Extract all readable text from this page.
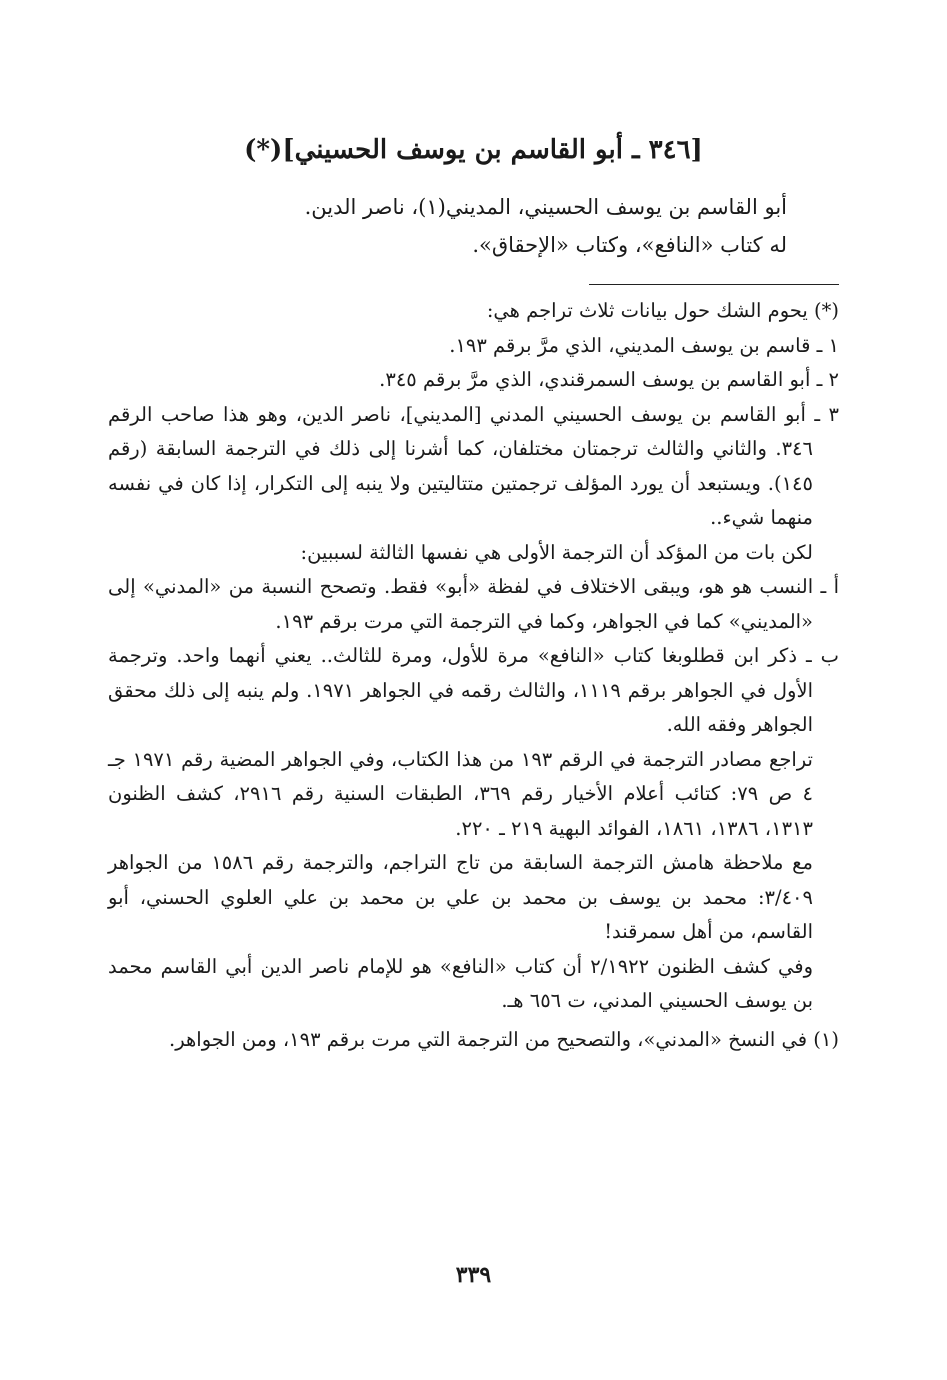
[٣٤٦ ـ أبو القاسم بن يوسف الحسيني](*)

أبو القاسم بن يوسف الحسيني، المديني(١)، ناصر الدين.

له كتاب «النافع»، وكتاب «الإحقاق».

(*) يحوم الشك حول بيانات ثلاث تراجم هي:

١ ـ قاسم بن يوسف المديني، الذي مرَّ برقم ١٩٣.

٢ ـ أبو القاسم بن يوسف السمرقندي، الذي مرَّ برقم ٣٤٥.

٣ ـ أبو القاسم بن يوسف الحسيني المدني [المديني]، ناصر الدين، وهو هذا صاحب الرقم ٣٤٦. والثاني والثالث ترجمتان مختلفان، كما أشرنا إلى ذلك في الترجمة السابقة (رقم ١٤٥). ويستبعد أن يورد المؤلف ترجمتين متتاليتين ولا ينبه إلى التكرار، إذا كان في نفسه منهما شيء..

لكن بات من المؤكد أن الترجمة الأولى هي نفسها الثالثة لسببين:

أ ـ النسب هو هو، ويبقى الاختلاف في لفظة «أبو» فقط. وتصحح النسبة من «المدني» إلى «المديني» كما في الجواهر، وكما في الترجمة التي مرت برقم ١٩٣.

ب ـ ذكر ابن قطلوبغا كتاب «النافع» مرة للأول، ومرة للثالث.. يعني أنهما واحد. وترجمة الأول في الجواهر برقم ١١١٩، والثالث رقمه في الجواهر ١٩٧١. ولم ينبه إلى ذلك محقق الجواهر وفقه الله.

تراجع مصادر الترجمة في الرقم ١٩٣ من هذا الكتاب، وفي الجواهر المضية رقم ١٩٧١ جـ ٤ ص ٧٩: كتائب أعلام الأخيار رقم ٣٦٩، الطبقات السنية رقم ٢٩١٦، كشف الظنون ١٣١٣، ١٣٨٦، ١٨٦١، الفوائد البهية ٢١٩ ـ ٢٢٠.

مع ملاحظة هامش الترجمة السابقة من تاج التراجم، والترجمة رقم ١٥٨٦ من الجواهر ٣/٤٠٩: محمد بن يوسف بن محمد بن علي بن محمد بن علي العلوي الحسني، أبو القاسم، من أهل سمرقند!

وفي كشف الظنون ٢/١٩٢٢ أن كتاب «النافع» هو للإمام ناصر الدين أبي القاسم محمد بن يوسف الحسيني المدني، ت ٦٥٦ هـ.

(١) في النسخ «المدني»، والتصحيح من الترجمة التي مرت برقم ١٩٣، ومن الجواهر.

٣٣٩
